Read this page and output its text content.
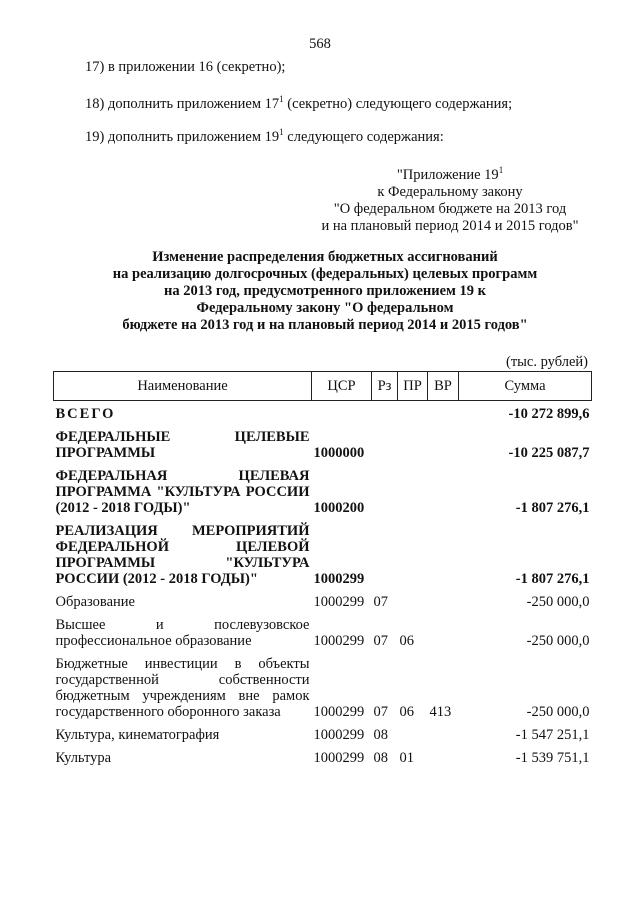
568
17) в приложении 16 (секретно);
18) дополнить приложением $17^1$ (секретно) следующего содержания;
19) дополнить приложением $19^1$ следующего содержания:
"Приложение $19^1$
к Федеральному закону
"О федеральном бюджете на 2013 год
и на плановый период 2014 и 2015 годов"
Изменение распределения бюджетных ассигнований
на реализацию долгосрочных (федеральных) целевых программ
на 2013 год, предусмотренного приложением 19 к
Федеральному закону "О федеральном
бюджете на 2013 год и на плановый период 2014 и 2015 годов"
(тыс. рублей)
Наименование	ЦСР	Рз	ПР	ВР	Сумма
ВСЕГО					-10 272 899,6
ФЕДЕРАЛЬНЫЕ ЦЕЛЕВЫЕ ПРОГРАММЫ	1000000				-10 225 087,7
ФЕДЕРАЛЬНАЯ ЦЕЛЕВАЯ ПРОГРАММА "КУЛЬТУРА РОССИИ (2012 - 2018 ГОДЫ)"	1000200				-1 807 276,1
РЕАЛИЗАЦИЯ МЕРОПРИЯТИЙ ФЕДЕРАЛЬНОЙ ЦЕЛЕВОЙ ПРОГРАММЫ "КУЛЬТУРА РОССИИ (2012 - 2018 ГОДЫ)"	1000299				-1 807 276,1
Образование	1000299	07			-250 000,0
Высшее и послевузовское профессиональное образование	1000299	07	06		-250 000,0
Бюджетные инвестиции в объекты государственной собственности бюджетным учреждениям вне рамок государственного оборонного заказа	1000299	07	06	413	-250 000,0
Культура, кинематография	1000299	08			-1 547 251,1
Культура	1000299	08	01		-1 539 751,1
